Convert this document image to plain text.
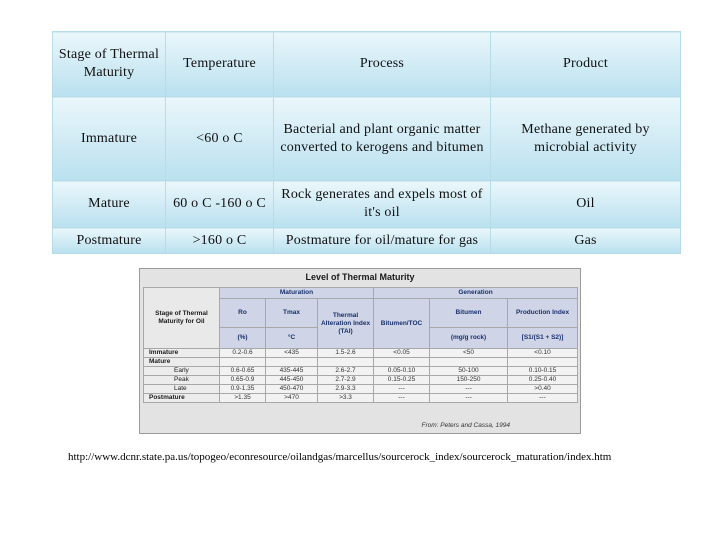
Stage of Thermal Maturity	Temperature	Process	Product
Immature	<60 o C	Bacterial and plant organic matter converted to kerogens and bitumen	Methane generated by microbial activity
Mature	60 o C -160 o C	Rock generates and expels most of it's oil	Oil
Postmature	>160 o C	Postmature for oil/mature for gas	Gas
Level of Thermal Maturity
Stage of Thermal Maturity for Oil	Maturation			Generation		
	Ro	Tmax	Thermal Alteration Index (TAI)	Bitumen/TOC	Bitumen	Production Index
	(%)	°C			(mg/g rock)	[S1/(S1 + S2)]
Immature	0.2-0.6	<435	1.5-2.6	<0.05	<50	<0.10
Mature						
Early	0.6-0.65	435-445	2.6-2.7	0.05-0.10	50-100	0.10-0.15
Peak	0.65-0.9	445-450	2.7-2.9	0.15-0.25	150-250	0.25-0.40
Late	0.9-1.35	450-470	2.9-3.3	---	---	>0.40
Postmature	>1.35	>470	>3.3	---	---	---
From: Peters and Cassa, 1994
http://www.dcnr.state.pa.us/topogeo/econresource/oilandgas/marcellus/sourcerock_index/sourcerock_maturation/index.htm
